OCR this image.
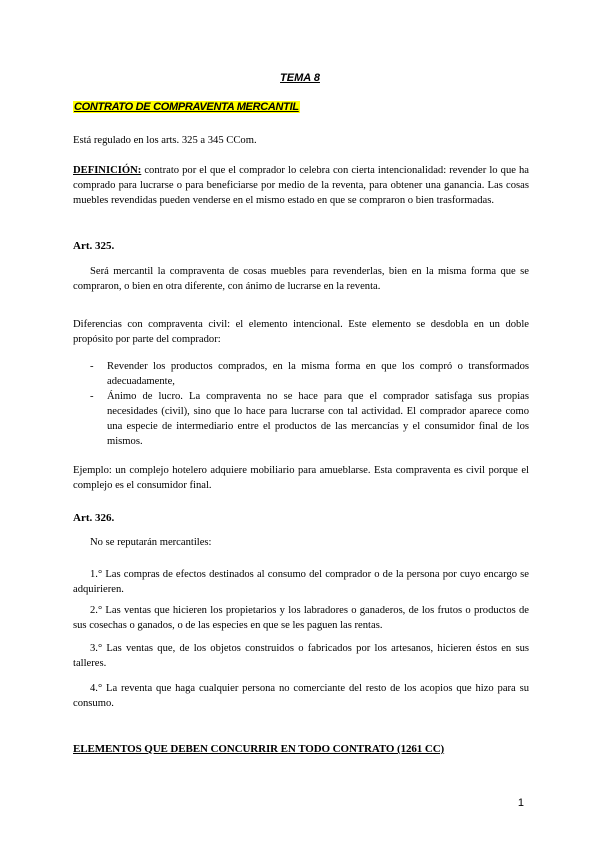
TEMA 8
CONTRATO DE COMPRAVENTA MERCANTIL

Está regulado en los arts. 325 a 345 CCom.

DEFINICIÓN: contrato por el que el comprador lo celebra con cierta intencionalidad: revender lo que ha comprado para lucrarse o para beneficiarse por medio de la reventa, para obtener una ganancia. Las cosas muebles revendidas pueden venderse en el mismo estado en que se compraron o bien trasformadas.

Art. 325.

Será mercantil la compraventa de cosas muebles para revenderlas, bien en la misma forma que se compraron, o bien en otra diferente, con ánimo de lucrarse en la reventa.

Diferencias con compraventa civil: el elemento intencional. Este elemento se desdobla en un doble propósito por parte del comprador:

- Revender los productos comprados, en la misma forma en que los compró o transformados adecuadamente,
- Ánimo de lucro. La compraventa no se hace para que el comprador satisfaga sus propias necesidades (civil), sino que lo hace para lucrarse con tal actividad. El comprador aparece como una especie de intermediario entre el productos de las mercancías y el consumidor final de los mismos.

Ejemplo: un complejo hotelero adquiere mobiliario para amueblarse. Esta compraventa es civil porque el complejo es el consumidor final.

Art. 326.

No se reputarán mercantiles:

1.° Las compras de efectos destinados al consumo del comprador o de la persona por cuyo encargo se adquirieren.

2.° Las ventas que hicieren los propietarios y los labradores o ganaderos, de los frutos o productos de sus cosechas o ganados, o de las especies en que se les paguen las rentas.

3.° Las ventas que, de los objetos construidos o fabricados por los artesanos, hicieren éstos en sus talleres.

4.° La reventa que haga cualquier persona no comerciante del resto de los acopios que hizo para su consumo.

ELEMENTOS QUE DEBEN CONCURRIR EN TODO CONTRATO (1261 CC)
1
